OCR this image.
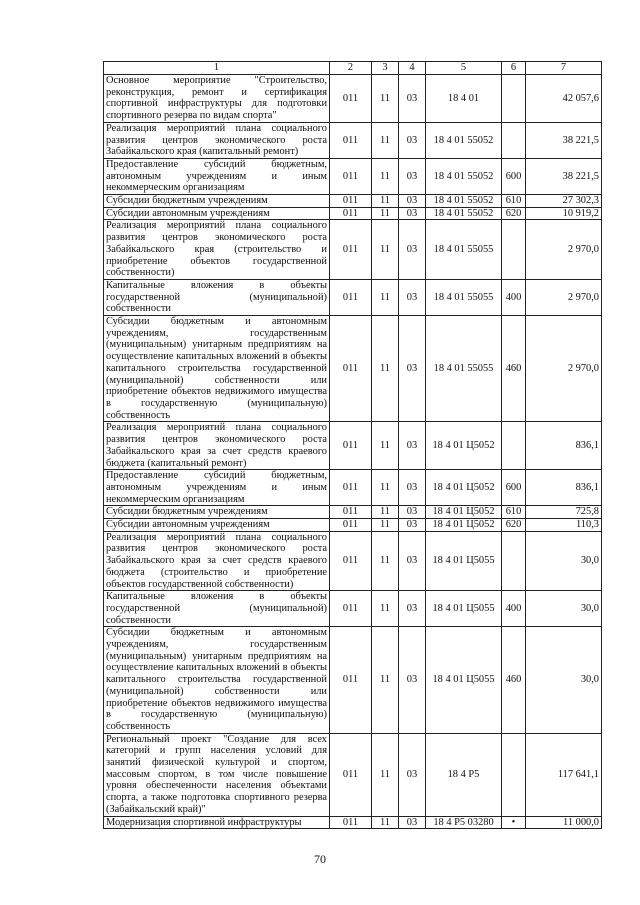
1	2	3	4	5	6	7
Основное мероприятие "Строительство, реконструкция, ремонт и сертификация спортивной инфраструктуры для подготовки спортивного резерва по видам спорта"	011	11	03	18 4 01		42 057,6
Реализация мероприятий плана социального развития центров экономического роста Забайкальского края (капитальный ремонт)	011	11	03	18 4 01 55052		38 221,5
Предоставление субсидий бюджетным, автономным учреждениям и иным некоммерческим организациям	011	11	03	18 4 01 55052	600	38 221,5
Субсидии бюджетным учреждениям	011	11	03	18 4 01 55052	610	27 302,3
Субсидии автономным учреждениям	011	11	03	18 4 01 55052	620	10 919,2
Реализация мероприятий плана социального развития центров экономического роста Забайкальского края (строительство и приобретение объектов государственной собственности)	011	11	03	18 4 01 55055		2 970,0
Капитальные вложения в объекты государственной (муниципальной) собственности	011	11	03	18 4 01 55055	400	2 970,0
Субсидии бюджетным и автономным учреждениям, государственным (муниципальным) унитарным предприятиям на осуществление капитальных вложений в объекты капитального строительства государственной (муниципальной) собственности или приобретение объектов недвижимого имущества в государственную (муниципальную) собственность	011	11	03	18 4 01 55055	460	2 970,0
Реализация мероприятий плана социального развития центров экономического роста Забайкальского края за счет средств краевого бюджета (капитальный ремонт)	011	11	03	18 4 01 Ц5052		836,1
Предоставление субсидий бюджетным, автономным учреждениям и иным некоммерческим организациям	011	11	03	18 4 01 Ц5052	600	836,1
Субсидии бюджетным учреждениям	011	11	03	18 4 01 Ц5052	610	725,8
Субсидии автономным учреждениям	011	11	03	18 4 01 Ц5052	620	110,3
Реализация мероприятий плана социального развития центров экономического роста Забайкальского края за счет средств краевого бюджета (строительство и приобретение объектов государственной собственности)	011	11	03	18 4 01 Ц5055		30,0
Капитальные вложения в объекты государственной (муниципальной) собственности	011	11	03	18 4 01 Ц5055	400	30,0
Субсидии бюджетным и автономным учреждениям, государственным (муниципальным) унитарным предприятиям на осуществление капитальных вложений в объекты капитального строительства государственной (муниципальной) собственности или приобретение объектов недвижимого имущества в государственную (муниципальную) собственность	011	11	03	18 4 01 Ц5055	460	30,0
Региональный проект "Создание для всех категорий и групп населения условий для занятий физической культурой и спортом, массовым спортом, в том числе повышение уровня обеспеченности населения объектами спорта, а также подготовка спортивного резерва (Забайкальский край)"	011	11	03	18 4 P5		117 641,1
Модернизация спортивной инфраструктуры	011	11	03	18 4 P5 03280	•	11 000,0
70
